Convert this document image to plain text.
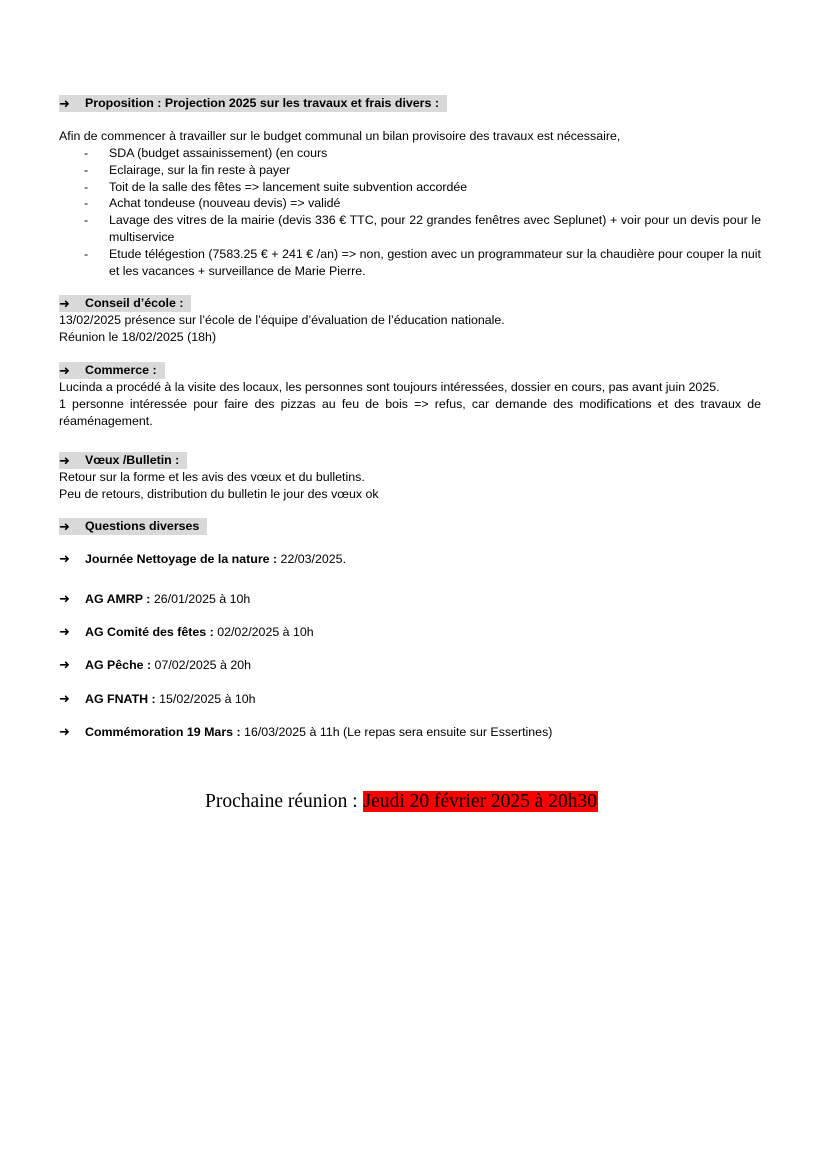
➜	Proposition : Projection 2025 sur les travaux et frais divers :
Afin de commencer à travailler sur le budget communal un bilan provisoire des travaux est nécessaire,
- SDA (budget assainissement) (en cours
- Eclairage, sur la fin reste à payer
- Toit de la salle des fêtes => lancement suite subvention accordée
- Achat tondeuse (nouveau devis) => validé
- Lavage des vitres de la mairie (devis 336 € TTC, pour 22 grandes fenêtres avec Seplunet) + voir pour un devis pour le multiservice
- Etude télégestion (7583.25 € + 241 € /an) => non, gestion avec un programmateur sur la chaudière pour couper la nuit et les vacances + surveillance de Marie Pierre.
➜	Conseil d’école :
13/02/2025 présence sur l’école de l’équipe d’évaluation de l’éducation nationale.
Réunion le 18/02/2025 (18h)
➜	Commerce :
Lucinda a procédé à la visite des locaux, les personnes sont toujours intéressées, dossier en cours, pas avant juin 2025.
1 personne intéressée pour faire des pizzas au feu de bois => refus, car demande des modifications et des travaux de réaménagement.
➜	Vœux /Bulletin :
Retour sur la forme et les avis des vœux et du bulletins.
Peu de retours, distribution du bulletin le jour des vœux ok
➜	Questions diverses
➜	Journée Nettoyage de la nature : 22/03/2025.
➜	AG AMRP : 26/01/2025 à 10h
➜	AG Comité des fêtes : 02/02/2025 à 10h
➜	AG Pêche : 07/02/2025 à 20h
➜	AG FNATH : 15/02/2025 à 10h
➜	Commémoration 19 Mars : 16/03/2025 à 11h (Le repas sera ensuite sur Essertines)
Prochaine réunion : Jeudi 20 février 2025 à 20h30
